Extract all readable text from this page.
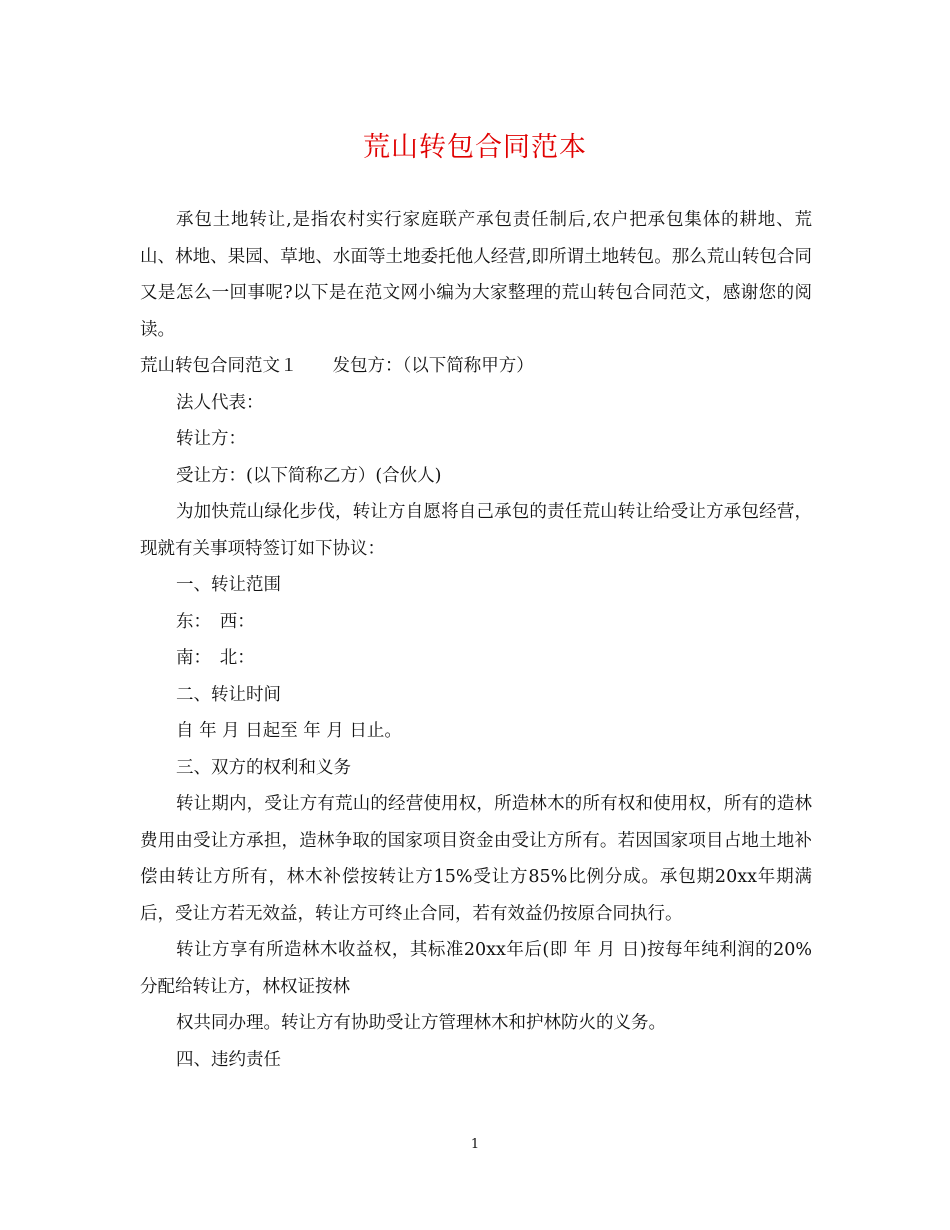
荒山转包合同范本

承包土地转让,是指农村实行家庭联产承包责任制后,农户把承包集体的耕地、荒山、林地、果园、草地、水面等土地委托他人经营,即所谓土地转包。那么荒山转包合同又是怎么一回事呢?以下是在范文网小编为大家整理的荒山转包合同范文，感谢您的阅读。

荒山转包合同范文１　　发包方：（以下简称甲方）

法人代表：

转让方：

受让方：(以下简称乙方）(合伙人)

为加快荒山绿化步伐，转让方自愿将自己承包的责任荒山转让给受让方承包经营，现就有关事项特签订如下协议：

一、转让范围

东：　西：

南：　北：

二、转让时间

自 年 月 日起至 年 月 日止。

三、双方的权利和义务

转让期内，受让方有荒山的经营使用权，所造林木的所有权和使用权，所有的造林费用由受让方承担，造林争取的国家项目资金由受让方所有。若因国家项目占地土地补偿由转让方所有，林木补偿按转让方15%受让方85%比例分成。承包期20xx年期满后，受让方若无效益，转让方可终止合同，若有效益仍按原合同执行。

转让方享有所造林木收益权，其标准20xx年后(即 年 月 日)按每年纯利润的20%分配给转让方，林权证按林

权共同办理。转让方有协助受让方管理林木和护林防火的义务。

四、违约责任

1
